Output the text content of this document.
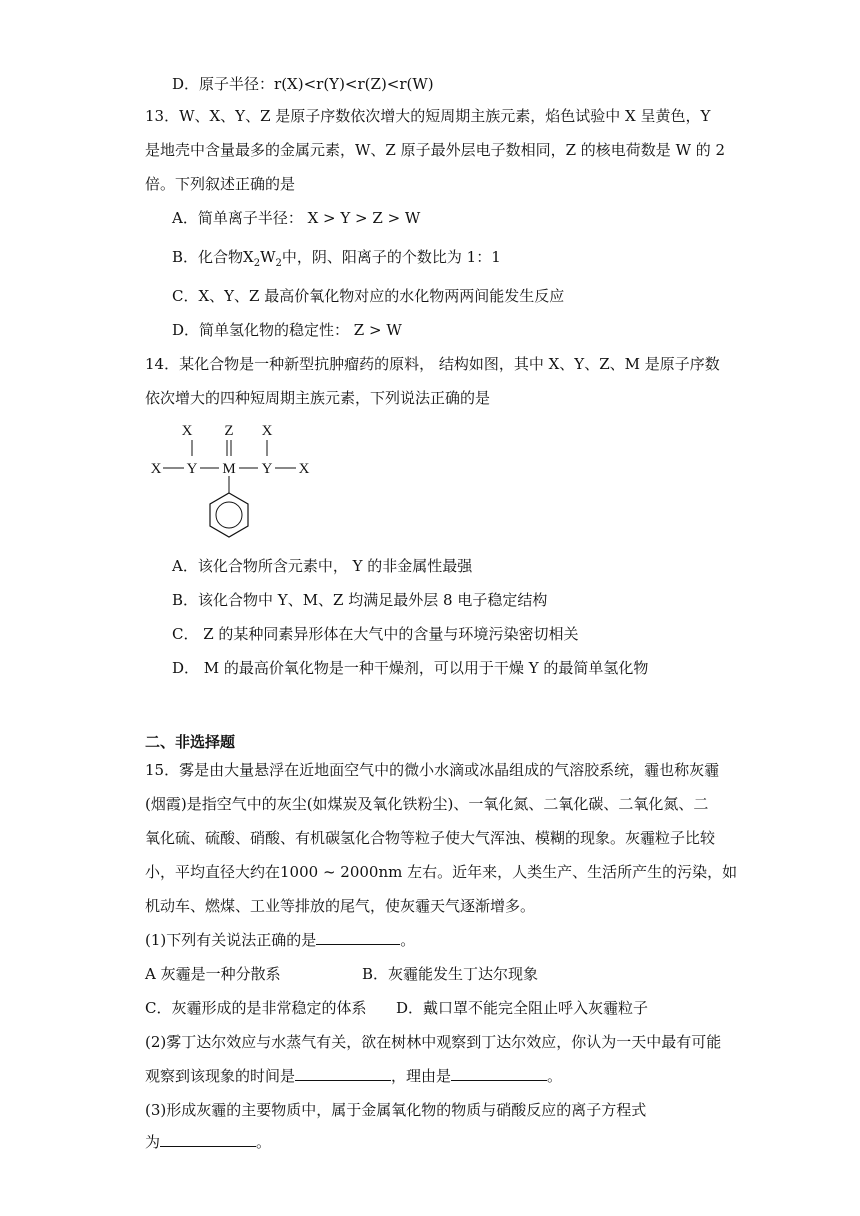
D．原子半径：r(X)<r(Y)<r(Z)<r(W)
13．W、X、Y、Z 是原子序数依次增大的短周期主族元素，焰色试验中 X 呈黄色，Y
是地壳中含量最多的金属元素，W、Z 原子最外层电子数相同，Z 的核电荷数是 W 的 2
倍。下列叙述正确的是
A．简单离子半径： X > Y > Z > W
B．化合物$X_2W_2$中，阴、阳离子的个数比为 1：1
C．X、Y、Z 最高价氧化物对应的水化物两两间能发生反应
D．简单氢化物的稳定性： Z > W
14．某化合物是一种新型抗肿瘤药的原料， 结构如图，其中 X、Y、Z、M 是原子序数
依次增大的四种短周期主族元素，下列说法正确的是
X Z X
X Y M Y X
A．该化合物所含元素中， Y 的非金属性最强
B．该化合物中 Y、M、Z 均满足最外层 8 电子稳定结构
C． Z 的某种同素异形体在大气中的含量与环境污染密切相关
D． M 的最高价氧化物是一种干燥剂，可以用于干燥 Y 的最简单氢化物
二、非选择题
15．雾是由大量悬浮在近地面空气中的微小水滴或冰晶组成的气溶胶系统，霾也称灰霾
(烟霞)是指空气中的灰尘(如煤炭及氧化铁粉尘)、一氧化氮、二氧化碳、二氧化氮、二
氧化硫、硫酸、硝酸、有机碳氢化合物等粒子使大气浑浊、模糊的现象。灰霾粒子比较
小，平均直径大约在1000 ~ 2000nm 左右。近年来，人类生产、生活所产生的污染，如
机动车、燃煤、工业等排放的尾气，使灰霾天气逐渐增多。
(1)下列有关说法正确的是	。
A 灰霾是一种分散系	B．灰霾能发生丁达尔现象
C．灰霾形成的是非常稳定的体系 D．戴口罩不能完全阻止呼入灰霾粒子
(2)雾丁达尔效应与水蒸气有关，欲在树林中观察到丁达尔效应，你认为一天中最有可能
观察到该现象的时间是	，理由是	。
(3)形成灰霾的主要物质中，属于金属氧化物的物质与硝酸反应的离子方程式
为	。
